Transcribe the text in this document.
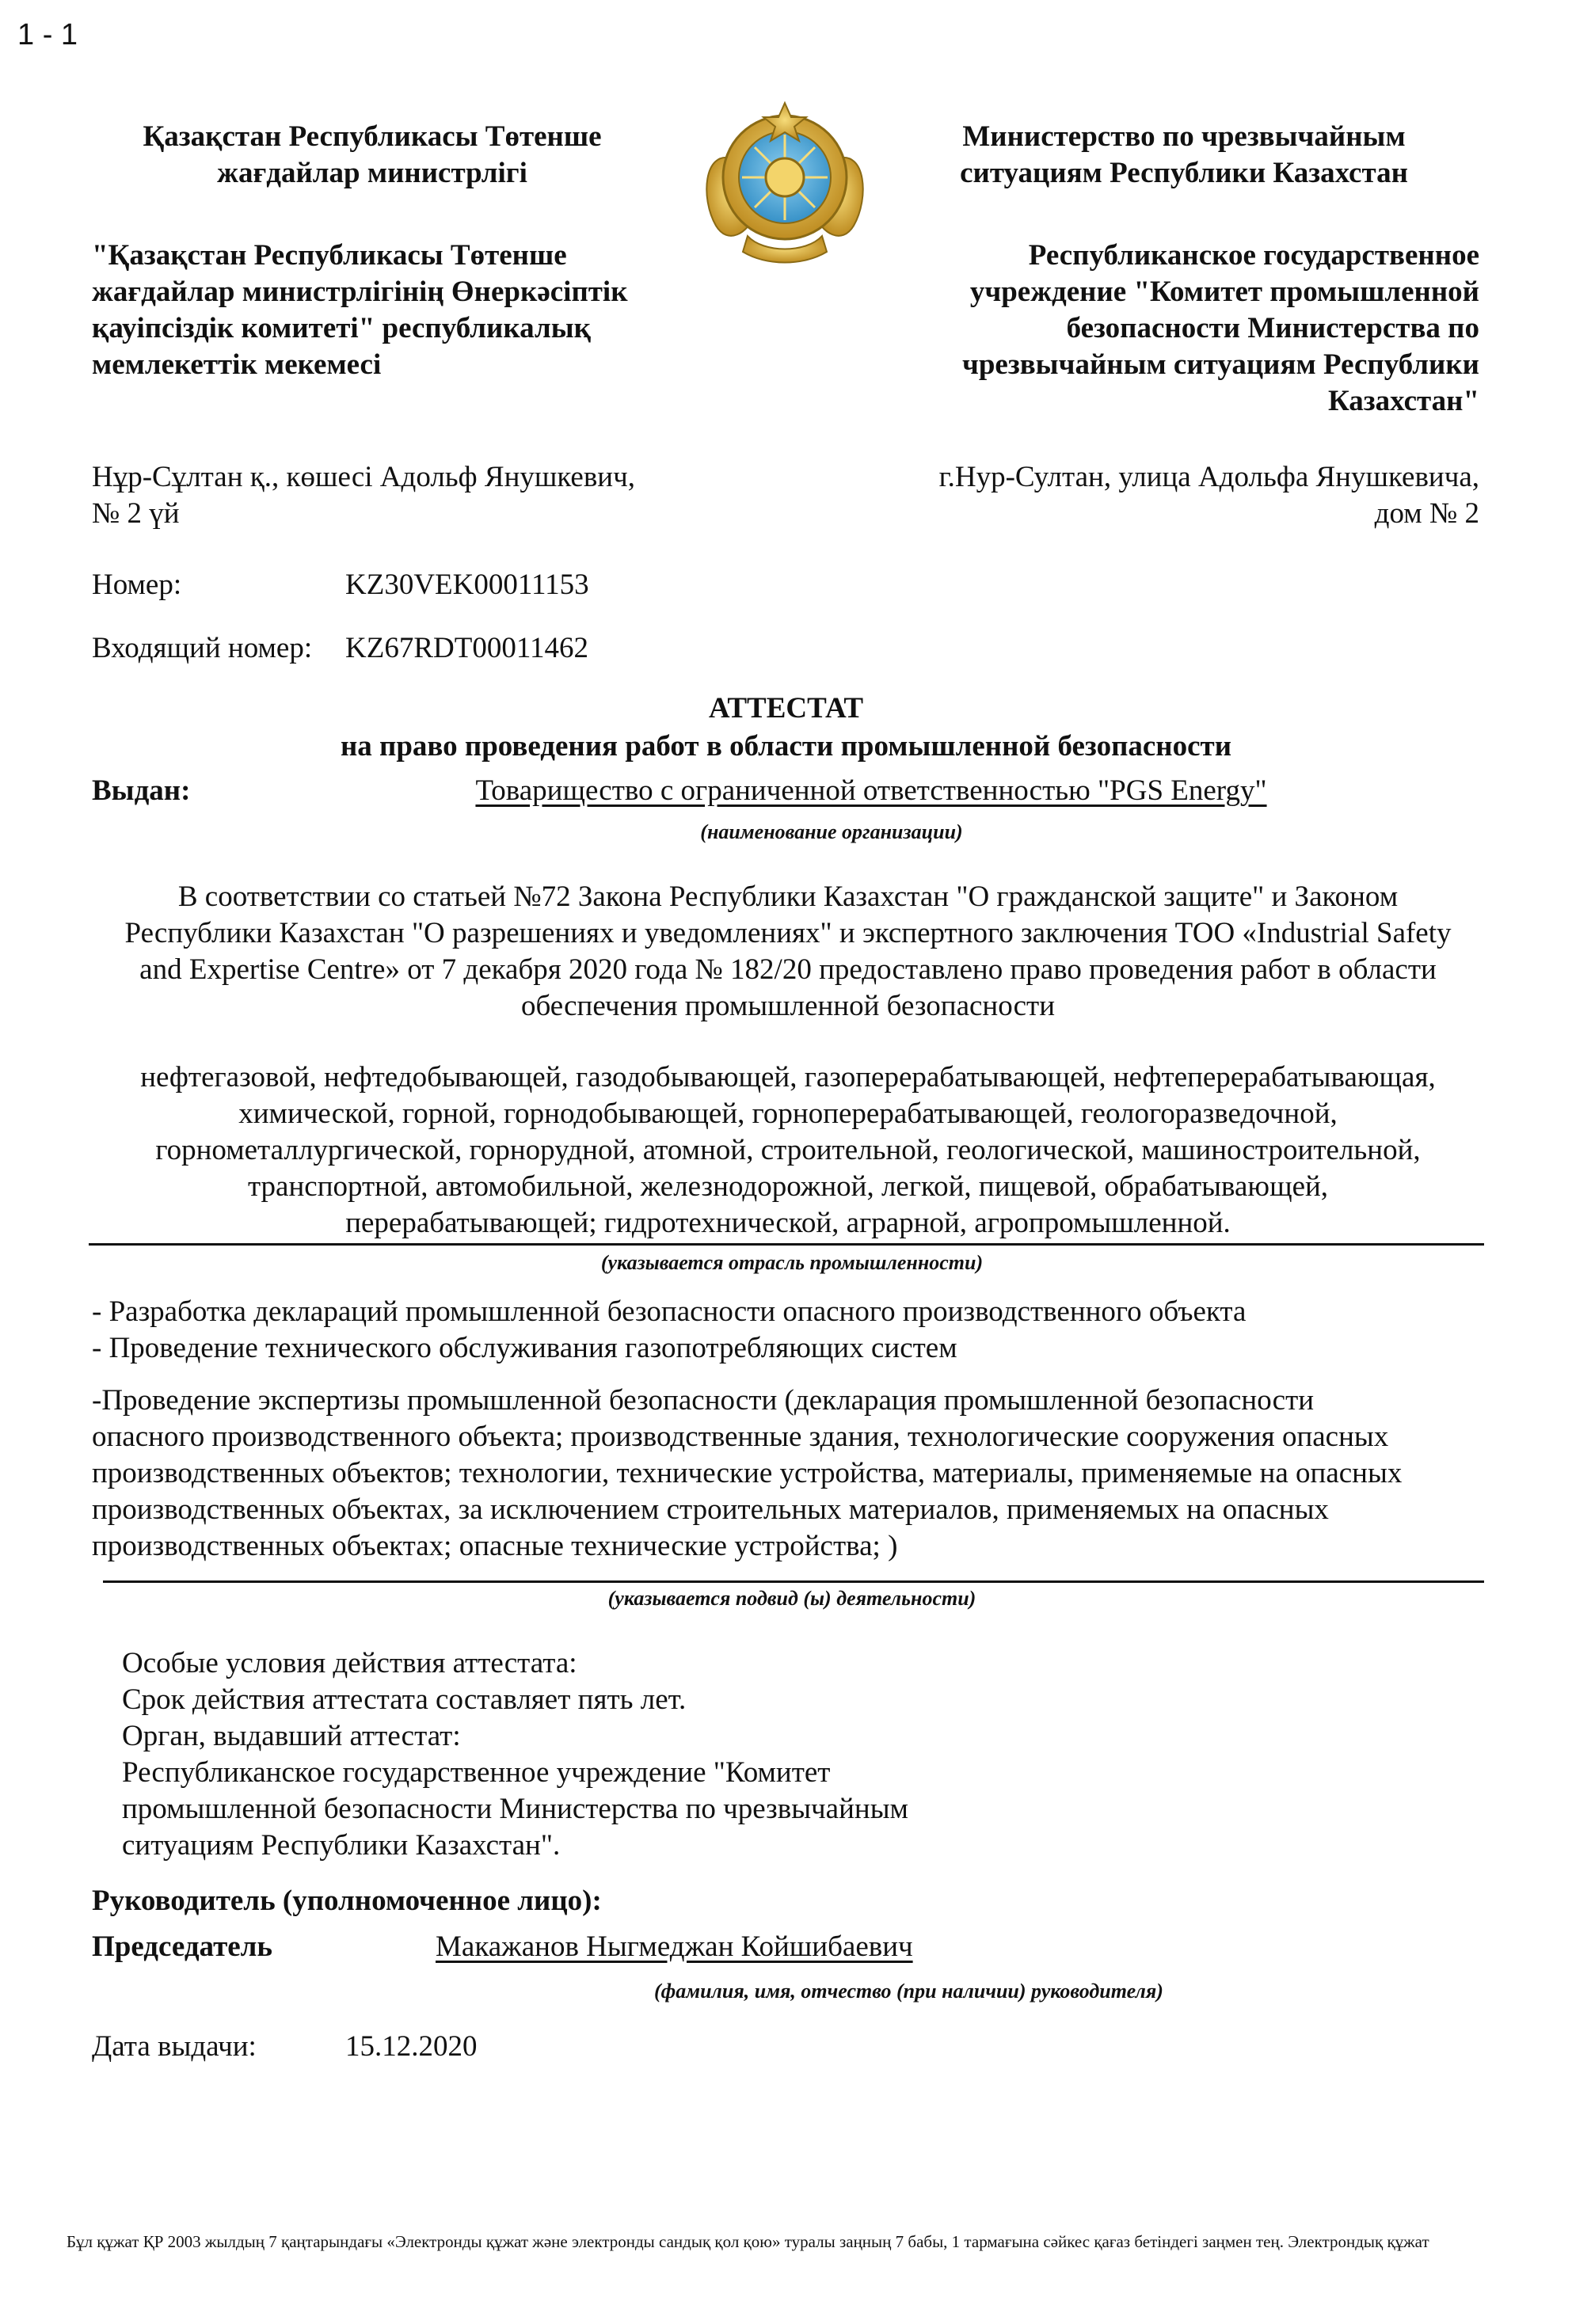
1 - 1
Қазақстан Республикасы Төтенше
жағдайлар министрлігі
Министерство по чрезвычайным
ситуациям Республики Казахстан
"Қазақстан Республикасы Төтенше
жағдайлар министрлігінің Өнеркәсіптік
қауіпсіздік комитеті" республикалық
мемлекеттік мекемесі
Республиканское государственное
учреждение "Комитет промышленной
безопасности Министерства по
чрезвычайным ситуациям Республики
Казахстан"
Нұр-Сұлтан қ., көшесі Адольф Янушкевич,
№ 2 үй
г.Нур-Султан, улица Адольфа Янушкевича,
дом № 2
Номер:	KZ30VEK00011153
Входящий номер: KZ67RDT00011462
АТТЕСТАТ
на право проведения работ в области промышленной безопасности
Выдан:	Товарищество с ограниченной ответственностью "PGS Energy"
(наименование организации)
В соответствии со статьей №72 Закона Республики Казахстан "О гражданской защите" и Законом
Республики Казахстан "О разрешениях и уведомлениях" и экспертного заключения ТОО «Industrial Safety
and Expertise Centre» от 7 декабря 2020 года № 182/20 предоставлено право проведения работ в области
обеспечения промышленной безопасности
нефтегазовой, нефтедобывающей, газодобывающей, газоперерабатывающей, нефтеперерабатывающая,
химической, горной, горнодобывающей, горноперерабатывающей, геологоразведочной,
горнометаллургической, горнорудной, атомной, строительной, геологической, машиностроительной,
транспортной, автомобильной, железнодорожной, легкой, пищевой, обрабатывающей,
перерабатывающей; гидротехнической, аграрной, агропромышленной.
(указывается отрасль промышленности)
- Разработка деклараций промышленной безопасности опасного производственного объекта
- Проведение технического обслуживания газопотребляющих систем
-Проведение экспертизы промышленной безопасности (декларация промышленной безопасности
опасного производственного объекта; производственные здания, технологические сооружения опасных
производственных объектов; технологии, технические устройства, материалы, применяемые на опасных
производственных объектах, за исключением строительных материалов, применяемых на опасных
производственных объектах; опасные технические устройства; )
(указывается подвид (ы) деятельности)
Особые условия действия аттестата:
Срок действия аттестата составляет пять лет.
Орган, выдавший аттестат:
Республиканское государственное учреждение "Комитет
промышленной безопасности Министерства по чрезвычайным
ситуациям Республики Казахстан".
Руководитель (уполномоченное лицо):
Председатель	Макажанов Ныгмеджан Койшибаевич
(фамилия, имя, отчество (при наличии) руководителя)
Дата выдачи:	15.12.2020
Бұл құжат ҚР 2003 жылдың 7 қаңтарындағы «Электронды құжат және электронды сандық қол қою» туралы заңның 7 бабы, 1 тармағына сәйкес қағаз бетіндегі заңмен тең. Электрондық құжат
